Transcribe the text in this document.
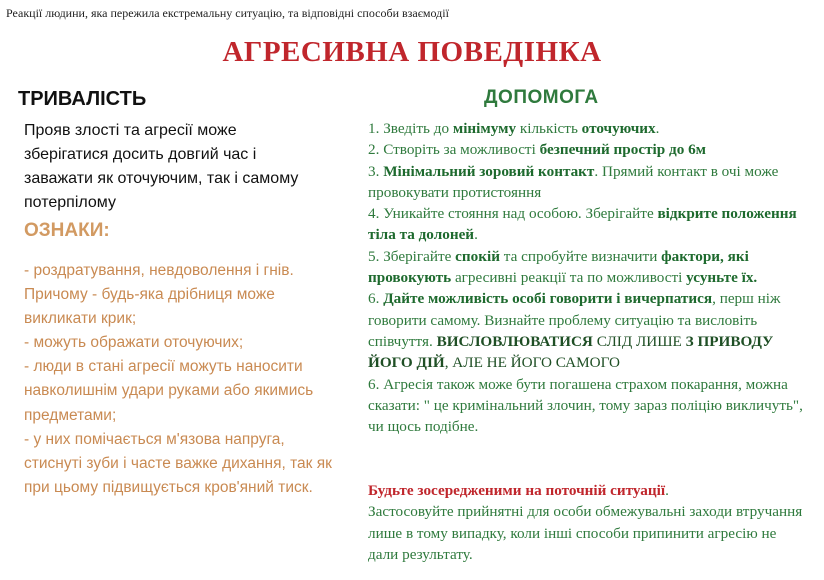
Реакції людини, яка пережила екстремальну ситуацію, та відповідні способи взаємодії
АГРЕСИВНА ПОВЕДІНКА
ТРИВАЛІСТЬ
Прояв злості та агресії може зберігатися досить довгий час і заважати як оточуючим, так і самому потерпілому
ОЗНАКИ:

- роздратування, невдоволення і гнів. Причому - будь-яка дрібниця може викликати крик;

- можуть ображати оточуючих;

- люди в стані агресії можуть наносити навколишнім удари руками або якимись предметами;

- у них помічається м'язова напруга, стиснуті зуби і часте важке дихання, так як при цьому підвищується кров'яний тиск.

ДОПОМОГА

1. Зведіть до мінімуму кількість оточуючих.

2. Створіть за можливості безпечний простір до 6м

3. Мінімальний зоровий контакт. Прямий контакт в очі може провокувати протистояння

4. Уникайте стояння над особою. Зберігайте відкрите положення тіла та долоней.

5. Зберігайте спокій та спробуйте визначити фактори, які провокують агресивні реакції та по можливості усуньте їх.

6. Дайте можливість особі говорити і вичерпатися, перш ніж говорити самому. Визнайте проблему ситуацію та висловіть співчуття. ВИСЛОВЛЮВАТИСЯ СЛІД ЛИШЕ З ПРИВОДУ ЙОГО ДІЙ, АЛЕ НЕ ЙОГО САМОГО

6. Агресія також може бути погашена страхом покарання, можна сказати: " це кримінальний злочин, тому зараз поліцію викличуть", чи щось подібне.

Будьте зосередженими на поточній ситуації.

Застосовуйте прийнятні для особи обмежувальні заходи втручання лише в тому випадку, коли інші способи припинити агресію не дали результату.
